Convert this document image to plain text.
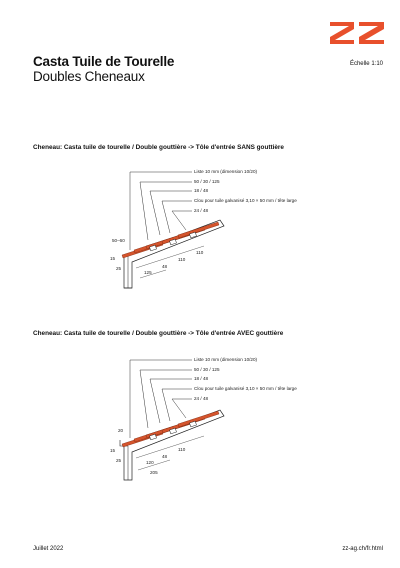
Casta Tuile de Tourelle
Doubles Cheneaux
Échelle 1:10
Cheneau: Casta tuile de tourelle / Double gouttière -> Tôle d'entrée SANS gouttière
Liste 10 mm (dimension 10/20)
50 / 30 / 125
18 / 48
Clou pour tuile galvanisé 3,10 × 50 mm / tête large
24 / 48
50–60
15
25
125
48
110
110
Cheneau: Casta tuile de tourelle / Double gouttière -> Tôle d'entrée AVEC gouttière
Liste 10 mm (dimension 10/20)
50 / 30 / 125
18 / 48
Clou pour tuile galvanisé 3,10 × 50 mm / tête large
24 / 48
20
15
25	120
48
110
205
Juillet 2022	zz-ag.ch/fr.html
